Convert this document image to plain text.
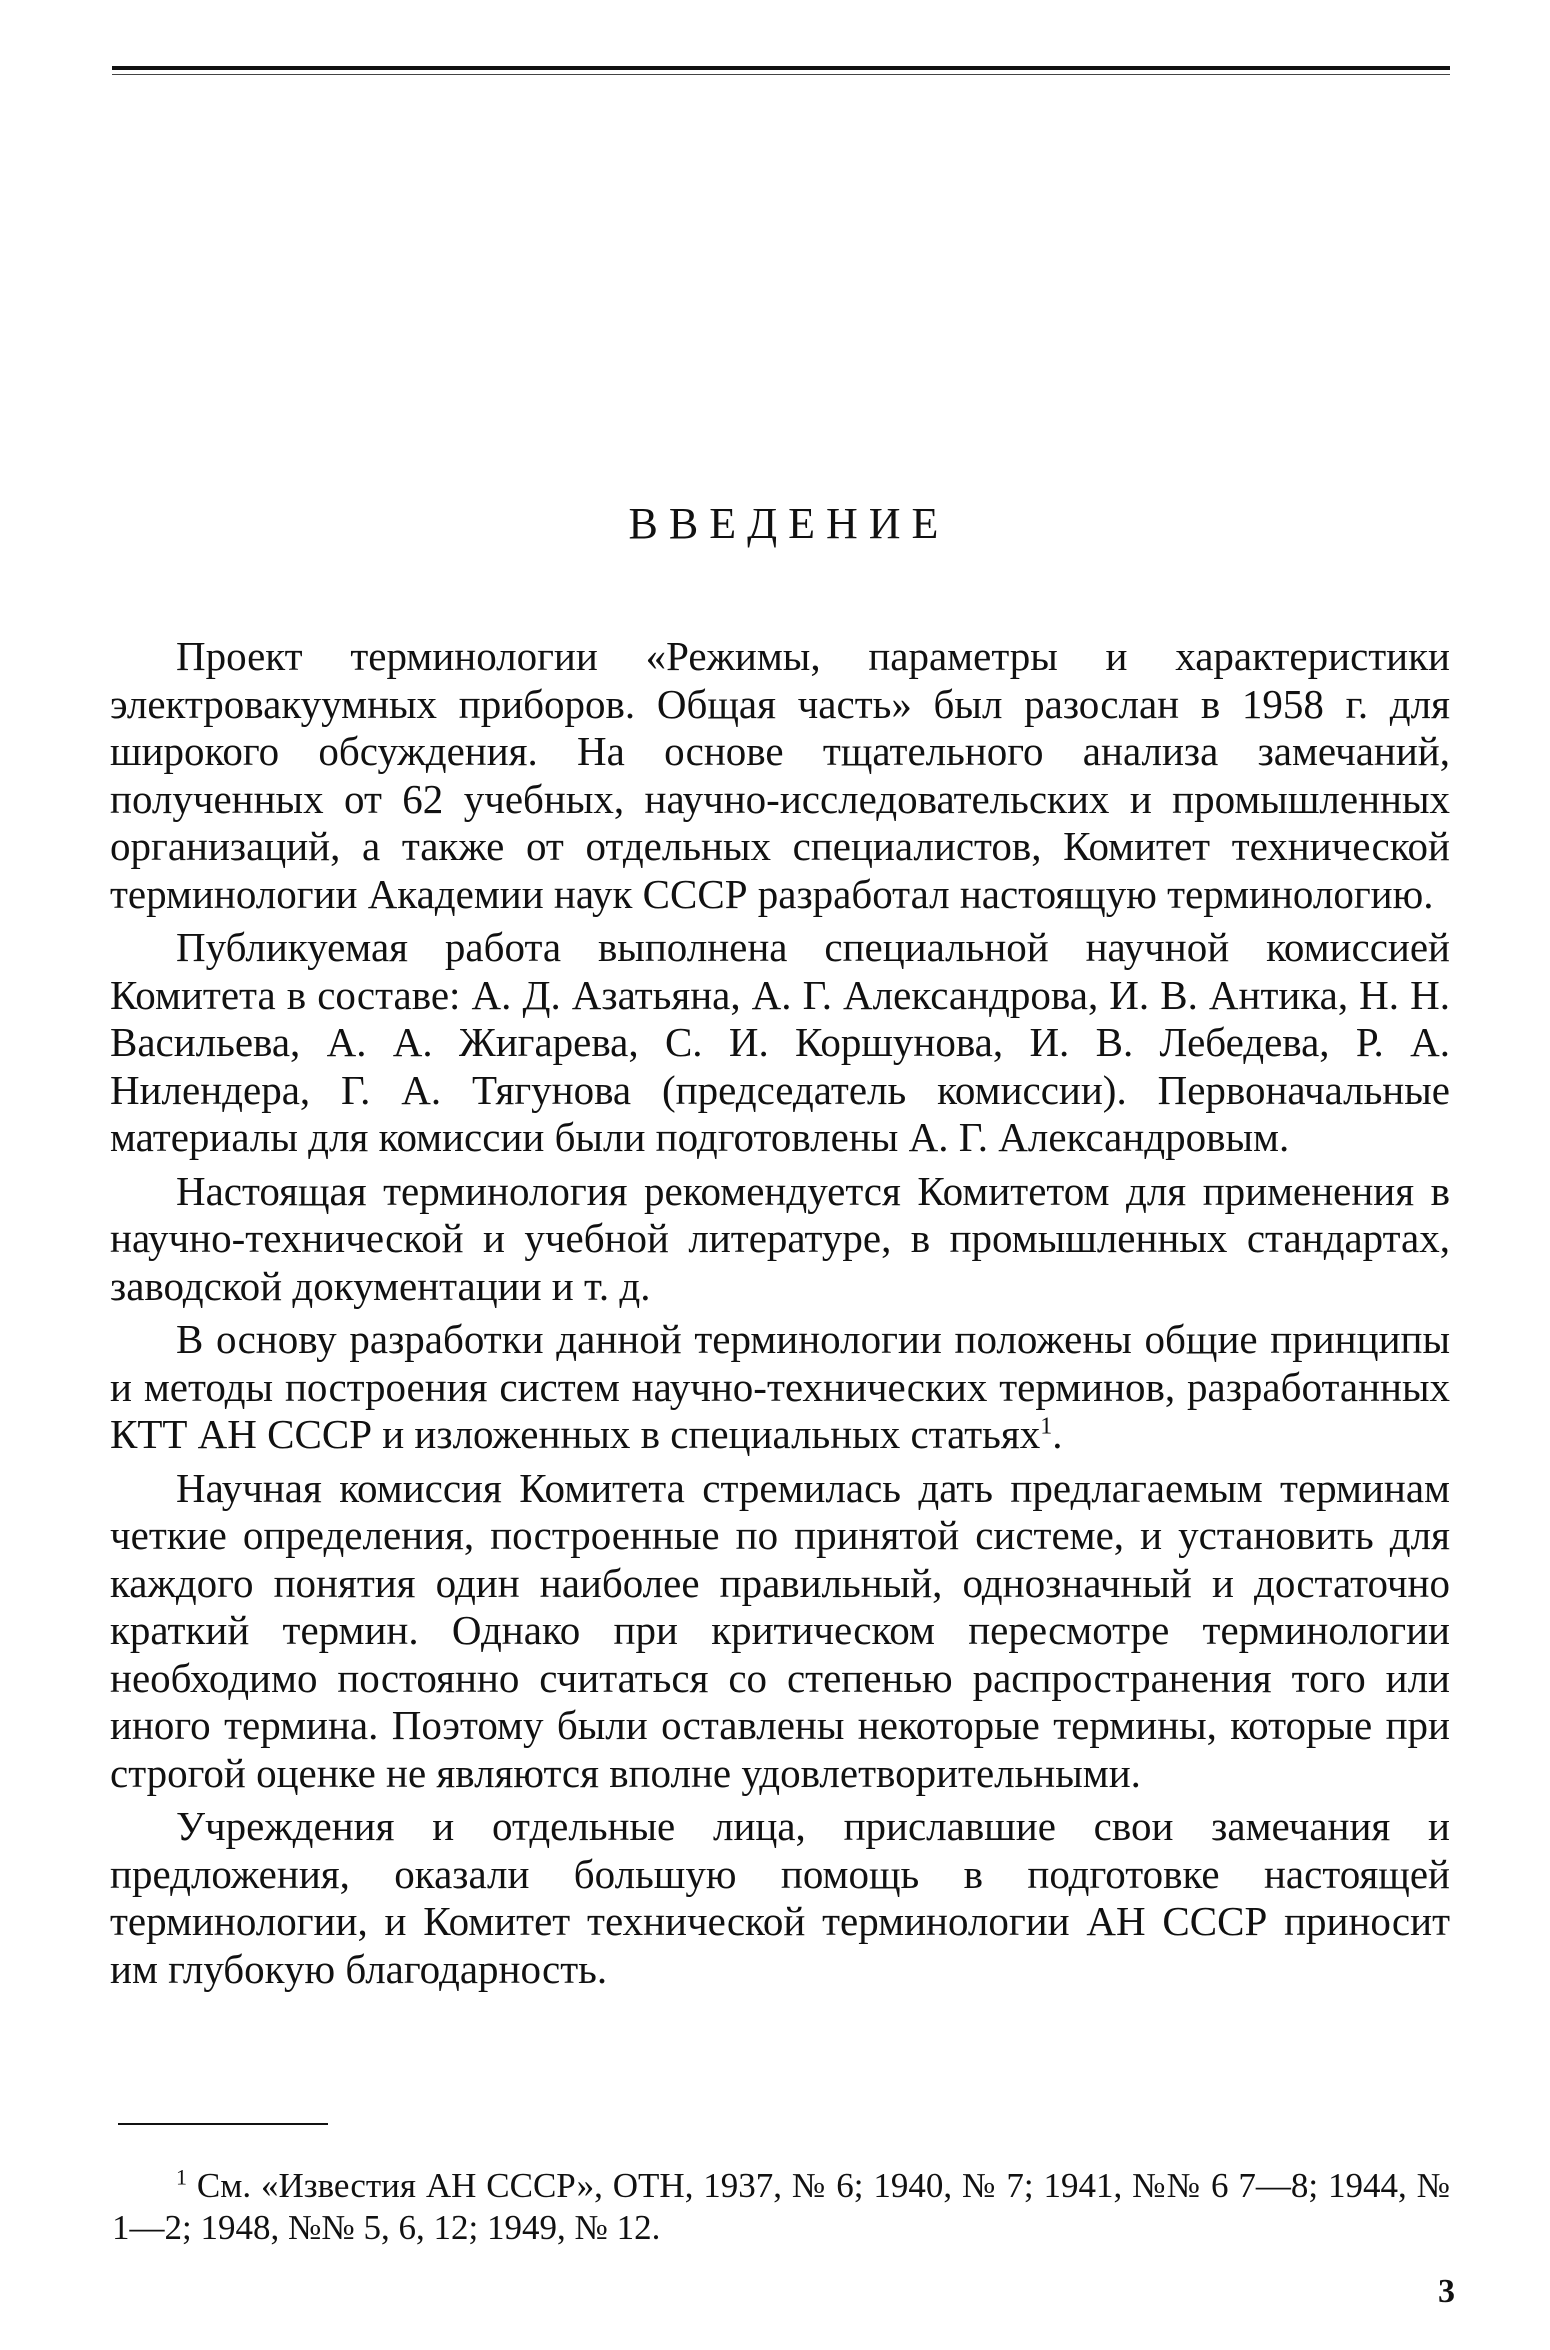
ВВЕДЕНИЕ

Проект терминологии «Режимы, параметры и характеристики электровакуумных приборов. Общая часть» был разослан в 1958 г. для широкого обсуждения. На основе тщательного анализа замечаний, полученных от 62 учебных, научно-исследовательских и промышленных организаций, а также от отдельных специалистов, Комитет технической терминологии Академии наук СССР разработал настоящую терминологию.

Публикуемая работа выполнена специальной научной комиссией Комитета в составе: А. Д. Азатьяна, А. Г. Александрова, И. В. Антика, Н. Н. Васильева, А. А. Жигарева, С. И. Коршунова, И. В. Лебедева, Р. А. Нилендера, Г. А. Тягунова (председатель комиссии). Первоначальные материалы для комиссии были подготовлены А. Г. Александровым.

Настоящая терминология рекомендуется Комитетом для применения в научно-технической и учебной литературе, в промышленных стандартах, заводской документации и т. д.

В основу разработки данной терминологии положены общие принципы и методы построения систем научно-технических терминов, разработанных КТТ АН СССР и изложенных в специальных статьях$^1$.

Научная комиссия Комитета стремилась дать предлагаемым терминам четкие определения, построенные по принятой системе, и установить для каждого понятия один наиболее правильный, однозначный и достаточно краткий термин. Однако при критическом пересмотре терминологии необходимо постоянно считаться со степенью распространения того или иного термина. Поэтому были оставлены некоторые термины, которые при строгой оценке не являются вполне удовлетворительными.

Учреждения и отдельные лица, приславшие свои замечания и предложения, оказали большую помощь в подготовке настоящей терминологии, и Комитет технической терминологии АН СССР приносит им глубокую благодарность.

$^1$ См. «Известия АН СССР», ОТН, 1937, № 6; 1940, № 7; 1941, №№ 6 7—8; 1944, № 1—2; 1948, №№ 5, 6, 12; 1949, № 12.
3
